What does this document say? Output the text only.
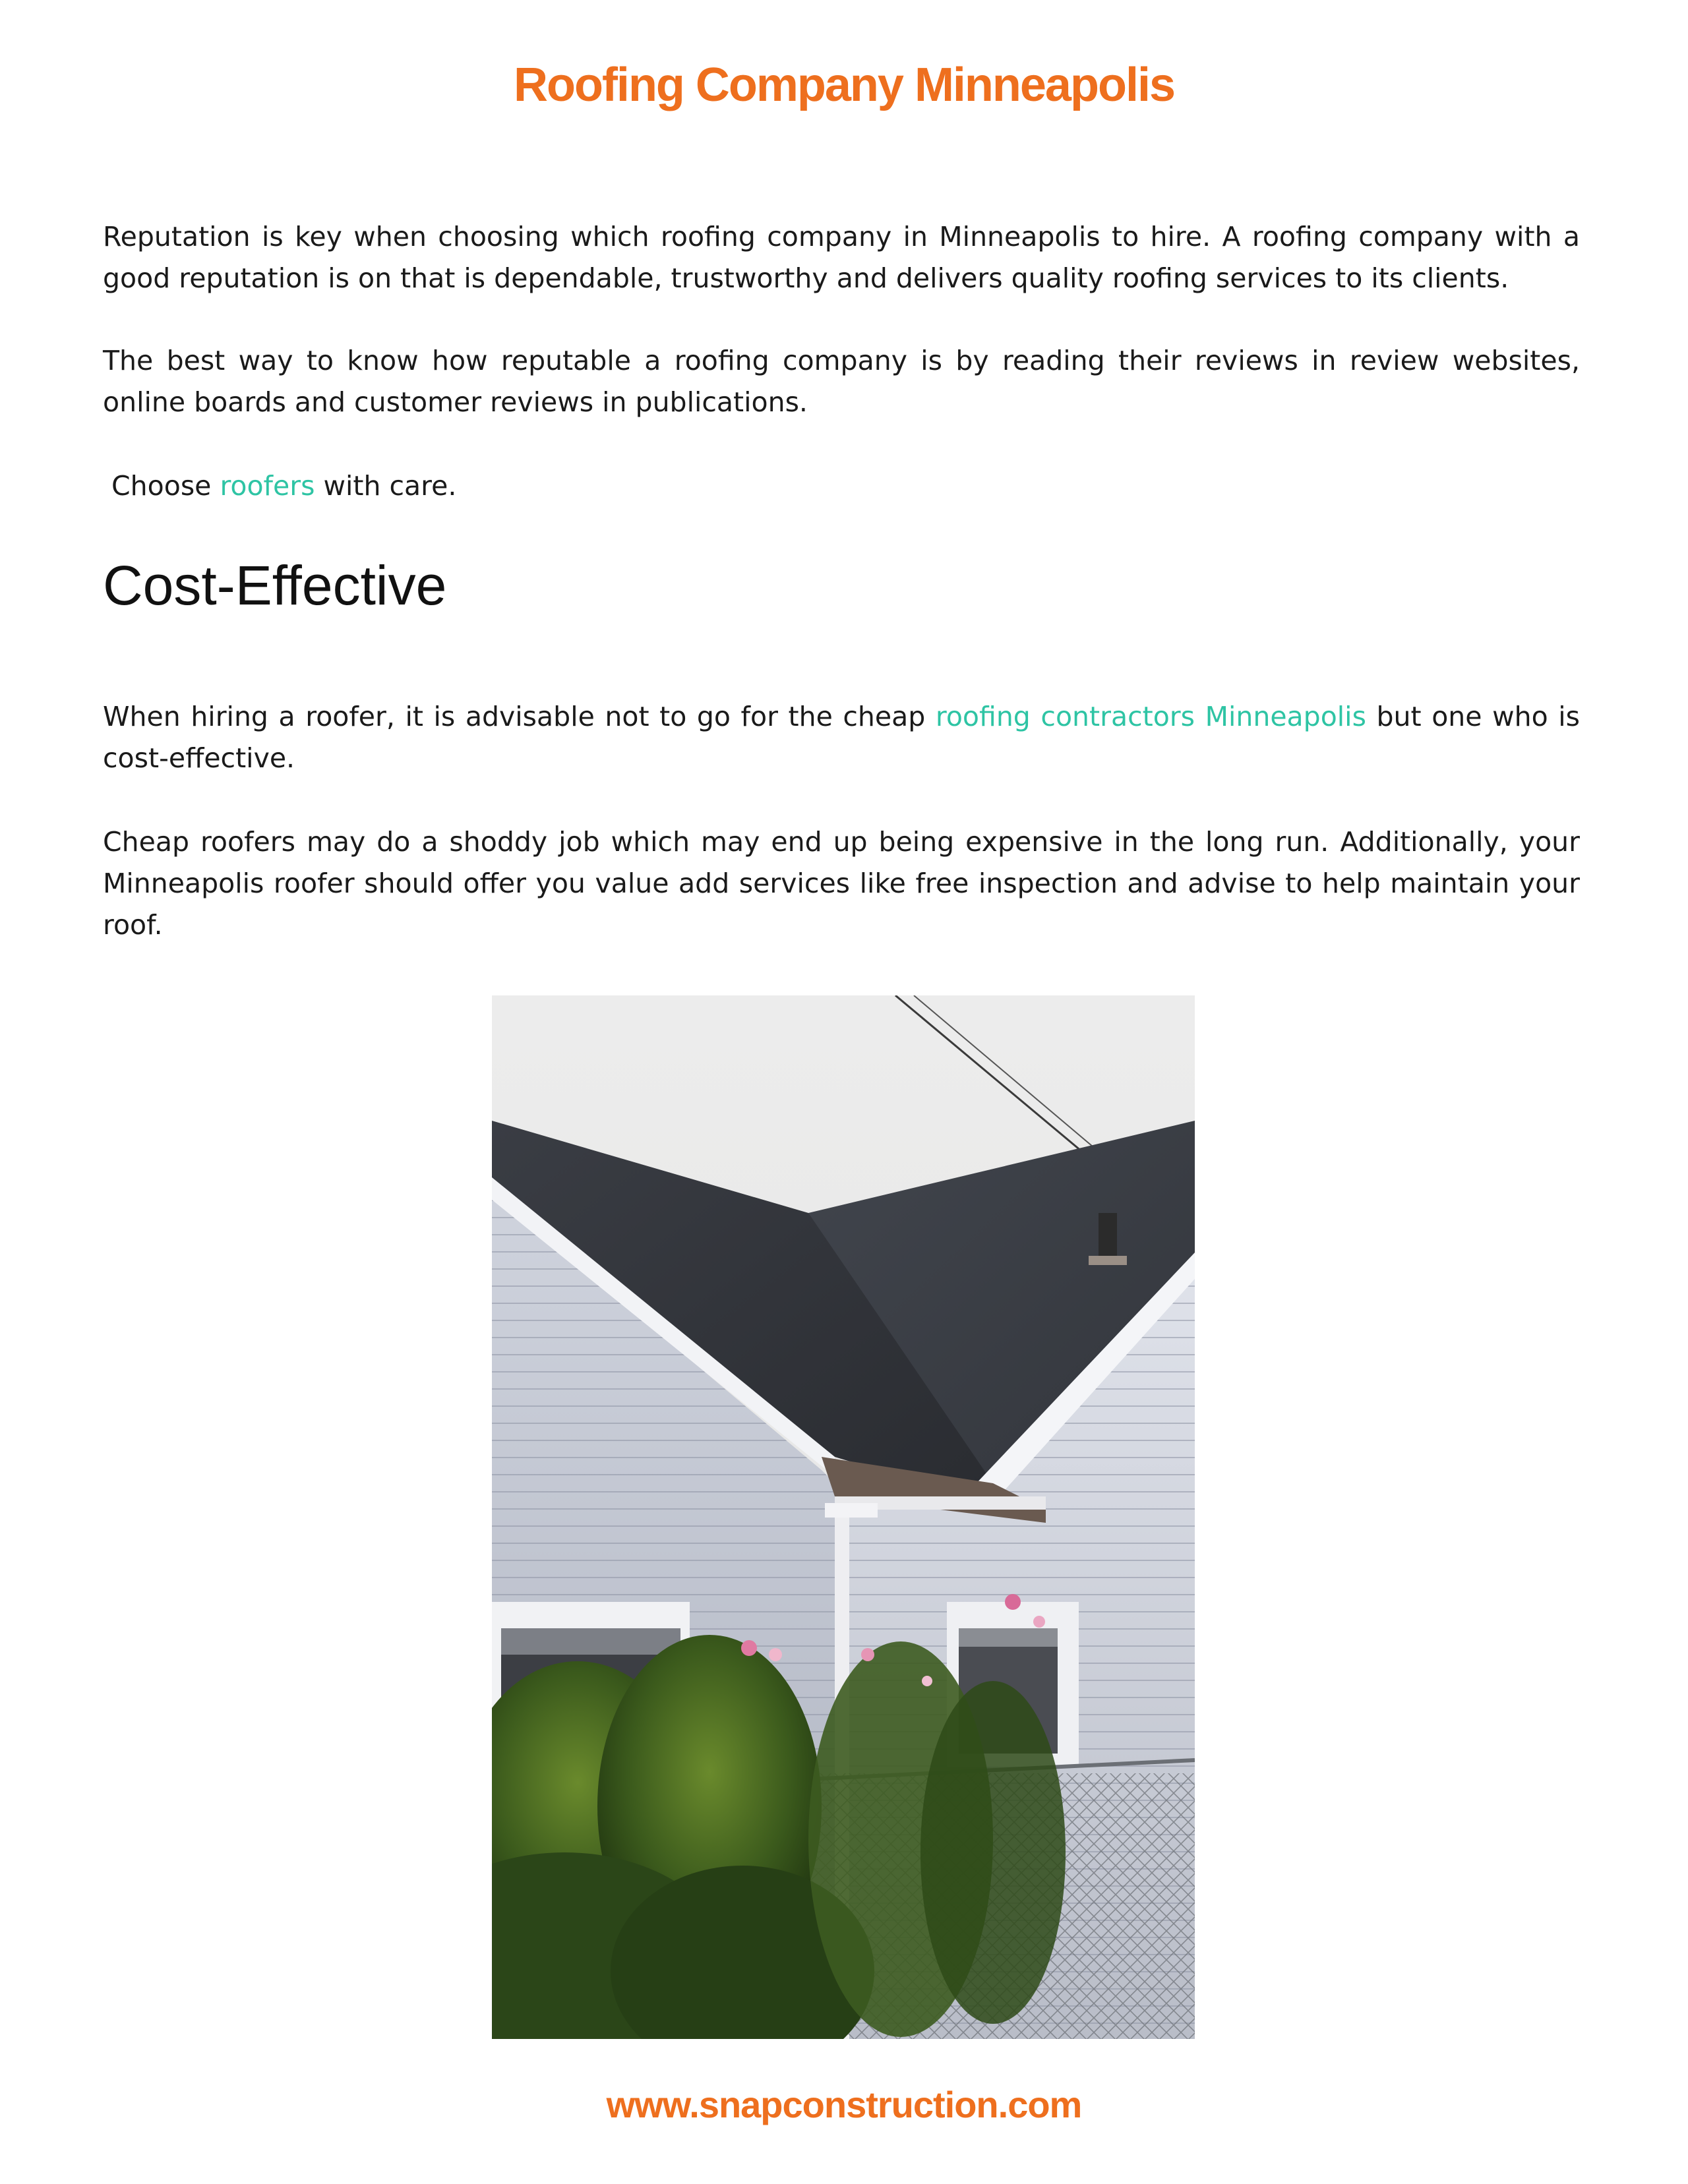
Roofing Company Minneapolis

Reputation is key when choosing which roofing company in Minneapolis to hire. A roofing company with a good reputation is on that is dependable, trustworthy and delivers quality roofing services to its clients.

The best way to know how reputable a roofing company is by reading their reviews in review websites, online boards and customer reviews in publications.

Choose roofers with care.

Cost-Effective

When hiring a roofer, it is advisable not to go for the cheap roofing contractors Minneapolis but one who is cost-effective.

Cheap roofers may do a shoddy job which may end up being expensive in the long run. Additionally, your Minneapolis roofer should offer you value add services like free inspection and advise to help maintain your roof.

www.snapconstruction.com
